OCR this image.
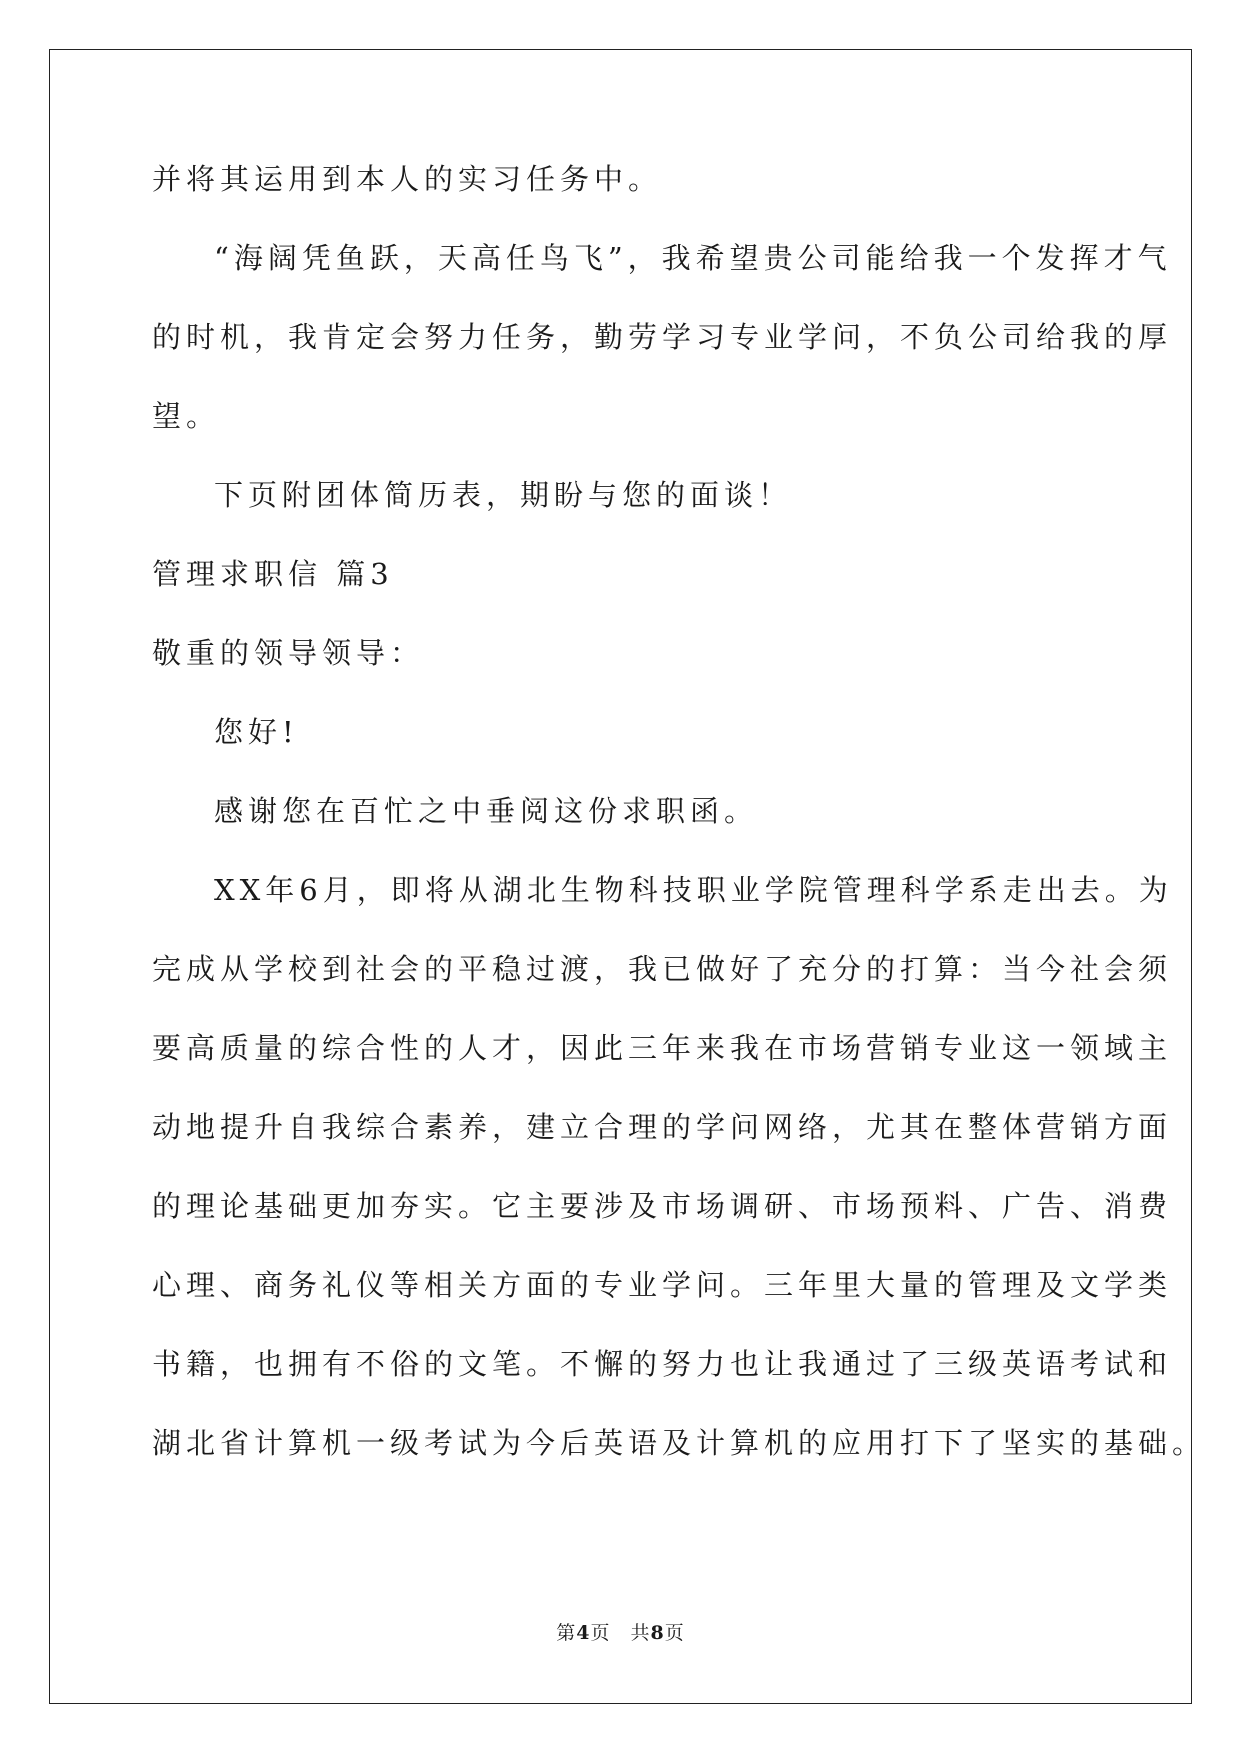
并将其运用到本人的实习任务中。
“海阔凭鱼跃，天高任鸟飞”，我希望贵公司能给我一个发挥才气
的时机，我肯定会努力任务，勤劳学习专业学问，不负公司给我的厚
望。
下页附团体简历表，期盼与您的面谈！
管理求职信 篇3
敬重的领导领导：
您好!
感谢您在百忙之中垂阅这份求职函。
XX年6月，即将从湖北生物科技职业学院管理科学系走出去。为
完成从学校到社会的平稳过渡，我已做好了充分的打算：当今社会须
要高质量的综合性的人才，因此三年来我在市场营销专业这一领域主
动地提升自我综合素养，建立合理的学问网络，尤其在整体营销方面
的理论基础更加夯实。它主要涉及市场调研、市场预料、广告、消费
心理、商务礼仪等相关方面的专业学问。三年里大量的管理及文学类
书籍，也拥有不俗的文笔。不懈的努力也让我通过了三级英语考试和
湖北省计算机一级考试为今后英语及计算机的应用打下了坚实的基础。
第4页　共8页
